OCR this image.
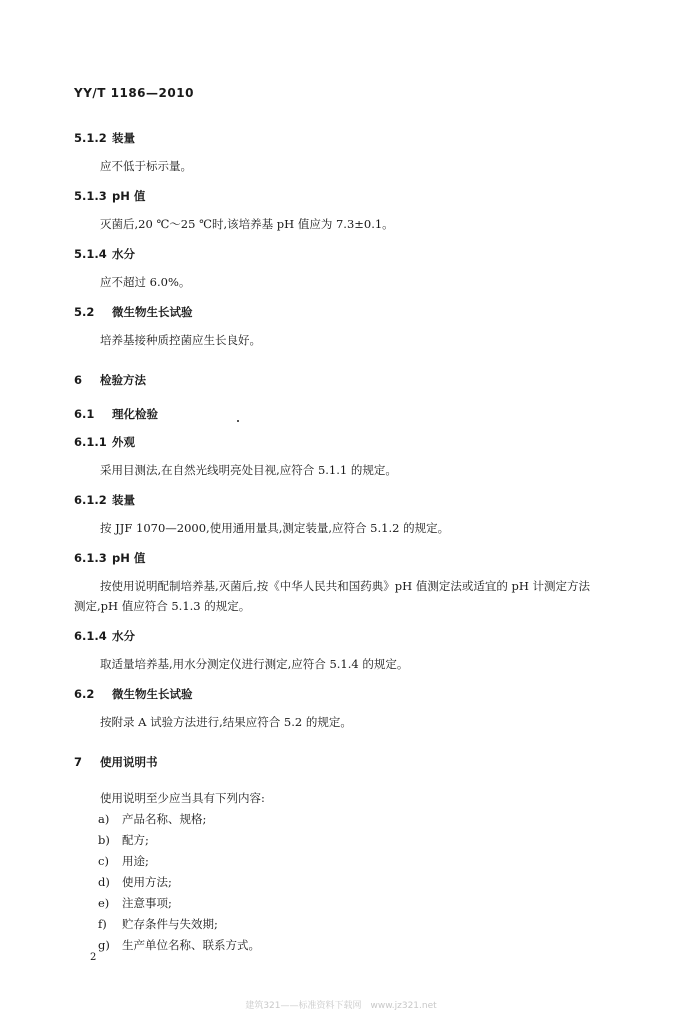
YY/T 1186—2010
5.1.2 装量
应不低于标示量。
5.1.3 pH 值
灭菌后,20 ℃～25 ℃时,该培养基 pH 值应为 7.3±0.1。
5.1.4 水分
应不超过 6.0%。
5.2 微生物生长试验
培养基接种质控菌应生长良好。
6 检验方法
6.1 理化检验
6.1.1 外观
采用目测法,在自然光线明亮处目视,应符合 5.1.1 的规定。
6.1.2 装量
按 JJF 1070—2000,使用通用量具,测定装量,应符合 5.1.2 的规定。
6.1.3 pH 值
按使用说明配制培养基,灭菌后,按《中华人民共和国药典》pH 值测定法或适宜的 pH 计测定方法
测定,pH 值应符合 5.1.3 的规定。
6.1.4 水分
取适量培养基,用水分测定仪进行测定,应符合 5.1.4 的规定。
6.2 微生物生长试验
按附录 A 试验方法进行,结果应符合 5.2 的规定。
7 使用说明书
使用说明至少应当具有下列内容:
a) 产品名称、规格;
b) 配方;
c) 用途;
d) 使用方法;
e) 注意事项;
f) 贮存条件与失效期;
g) 生产单位名称、联系方式。
2
建筑321——标准资料下载网　www.jz321.net
